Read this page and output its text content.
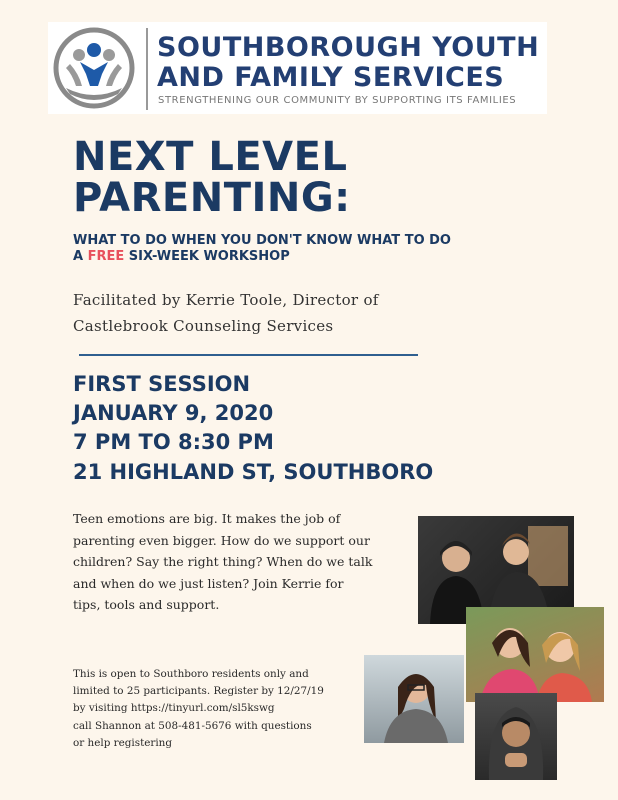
SOUTHBOROUGH YOUTH
AND FAMILY SERVICES
STRENGTHENING OUR COMMUNITY BY SUPPORTING ITS FAMILIES
NEXT LEVEL
PARENTING:
WHAT TO DO WHEN YOU DON'T KNOW WHAT TO DO
A FREE SIX-WEEK WORKSHOP
Facilitated by Kerrie Toole, Director of Castlebrook Counseling Services
FIRST SESSION
JANUARY 9, 2020
7 PM TO 8:30 PM
21 HIGHLAND ST, SOUTHBORO
Teen emotions are big. It makes the job of parenting even bigger. How do we support our children? Say the right thing? When do we talk and when do we just listen? Join Kerrie for tips, tools and support.
This is open to Southboro residents only and
limited to 25 participants. Register by 12/27/19
by visiting https://tinyurl.com/sl5kswg
call Shannon at 508-481-5676 with questions
or help registering
